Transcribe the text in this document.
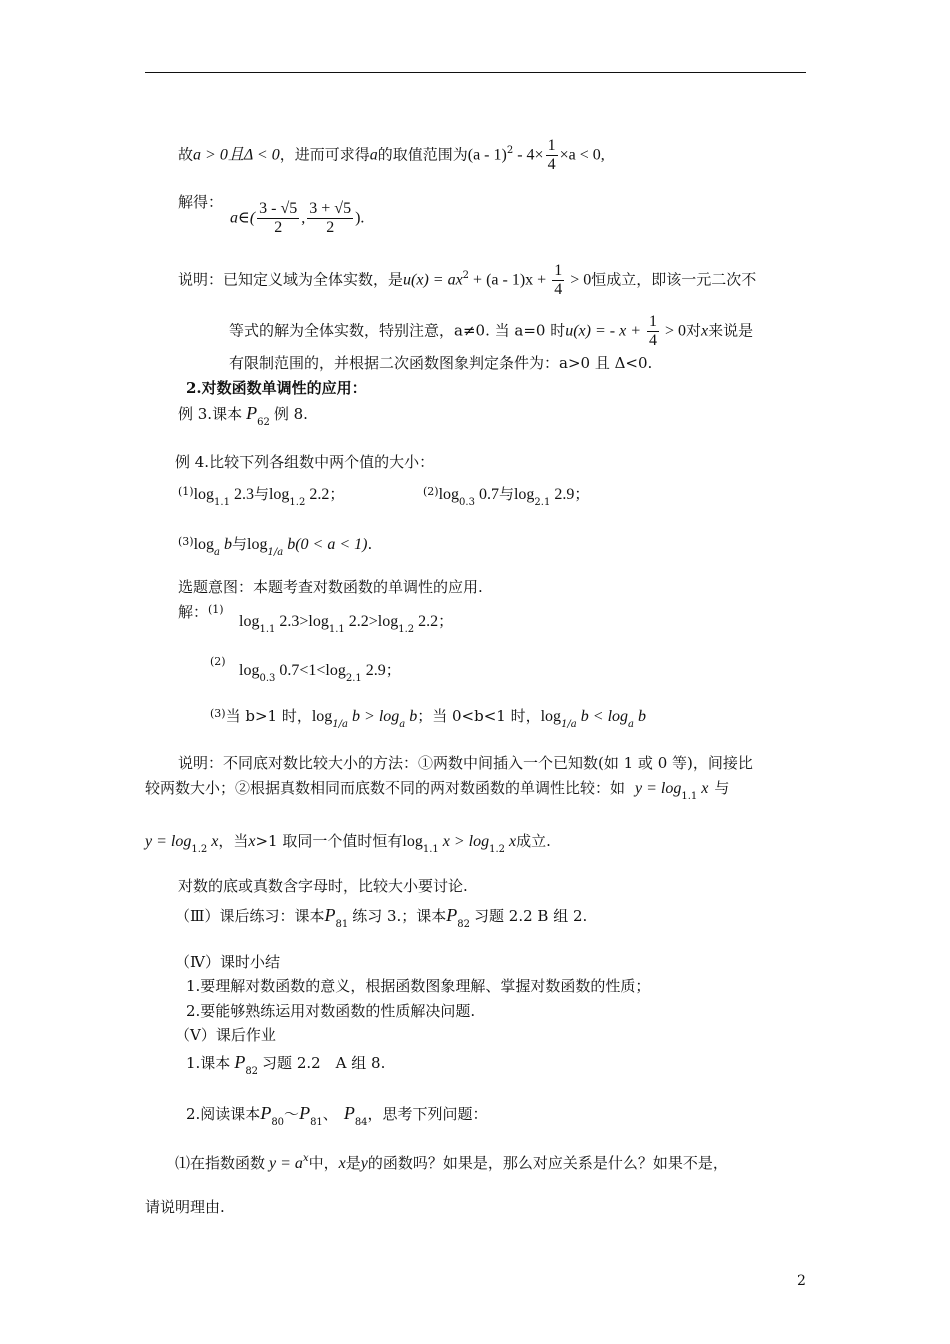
故a > 0且Δ < 0，进而可求得a的取值范围为$(a - 1)^2 - 4\times \frac{1}{4} \times a < 0$,
解得：
a∈( $\frac{3 - √5}{2}$ , $\frac{3 + √5}{2}$ ).
说明：已知定义域为全体实数，是$u(x) = ax^2 + (a - 1)x + \frac{1}{4} > 0$恒成立，即该一元二次不
等式的解为全体实数，特别注意，a≠0. 当 a=0 时u(x) = - $x + \frac{1}{4} > 0$对x来说是
有限制范围的，并根据二次函数图象判定条件为：a>0 且 Δ<0.
2.对数函数单调性的应用：
例 3.课本 $P_{62}$ 例 8.
例 4.比较下列各组数中两个值的大小：
$^{(1)}\log_{1.1}$ 2.3与$\log_{1.2} 2.2$；	$^{(2)}\log_{0.3}$ 0.7与$\log_{2.1} 2.9$；
$^{(3)}\log_a$ b与$\log_{1/a} b(0 < a < 1)$.
选题意图：本题考查对数函数的单调性的应用.
解：$^{(1)}$
$\log_{1.1} 2.3>\log_{1.1}$ $2.2>\log_{1.2}$ 2.2；
$^{(2)}$
$\log_{0.3} 0.7<1<\log_{2.1}$ 2.9；
$^{(3)}$当 b>1 时，$\log_{1/a} b > \log_a b$；当 0<b<1 时，$\log_{1/a} b < \log_a b$
说明：不同底对数比较大小的方法：①两数中间插入一个已知数(如 1 或 0 等)，间接比
较两数大小；②根据真数相同而底数不同的两对数函数的单调性比较：如 $y = \log_{1.1} x$ 与
$y = \log_{1.2} x$，当x>1 取同一个值时恒有$\log_{1.1} x > \log_{1.2} x$成立.
对数的底或真数含字母时，比较大小要讨论.
（Ⅲ）课后练习：课本$P_{81}$ 练习 3.；课本$P_{82}$ 习题 2.2 B 组 2.
（Ⅳ）课时小结
1.要理解对数函数的意义，根据函数图象理解、掌握对数函数的性质；
2.要能够熟练运用对数函数的性质解决问题.
（Ⅴ）课后作业
1.课本 $P_{82}$ 习题 2.2　A 组 8.
2.阅读课本$P_{80}\sim P_{81}$、 $P_{84}$，思考下列问题：
⑴在指数函数 $y = a^x$中，x是y的函数吗？如果是，那么对应关系是什么？如果不是，
请说明理由.
2
